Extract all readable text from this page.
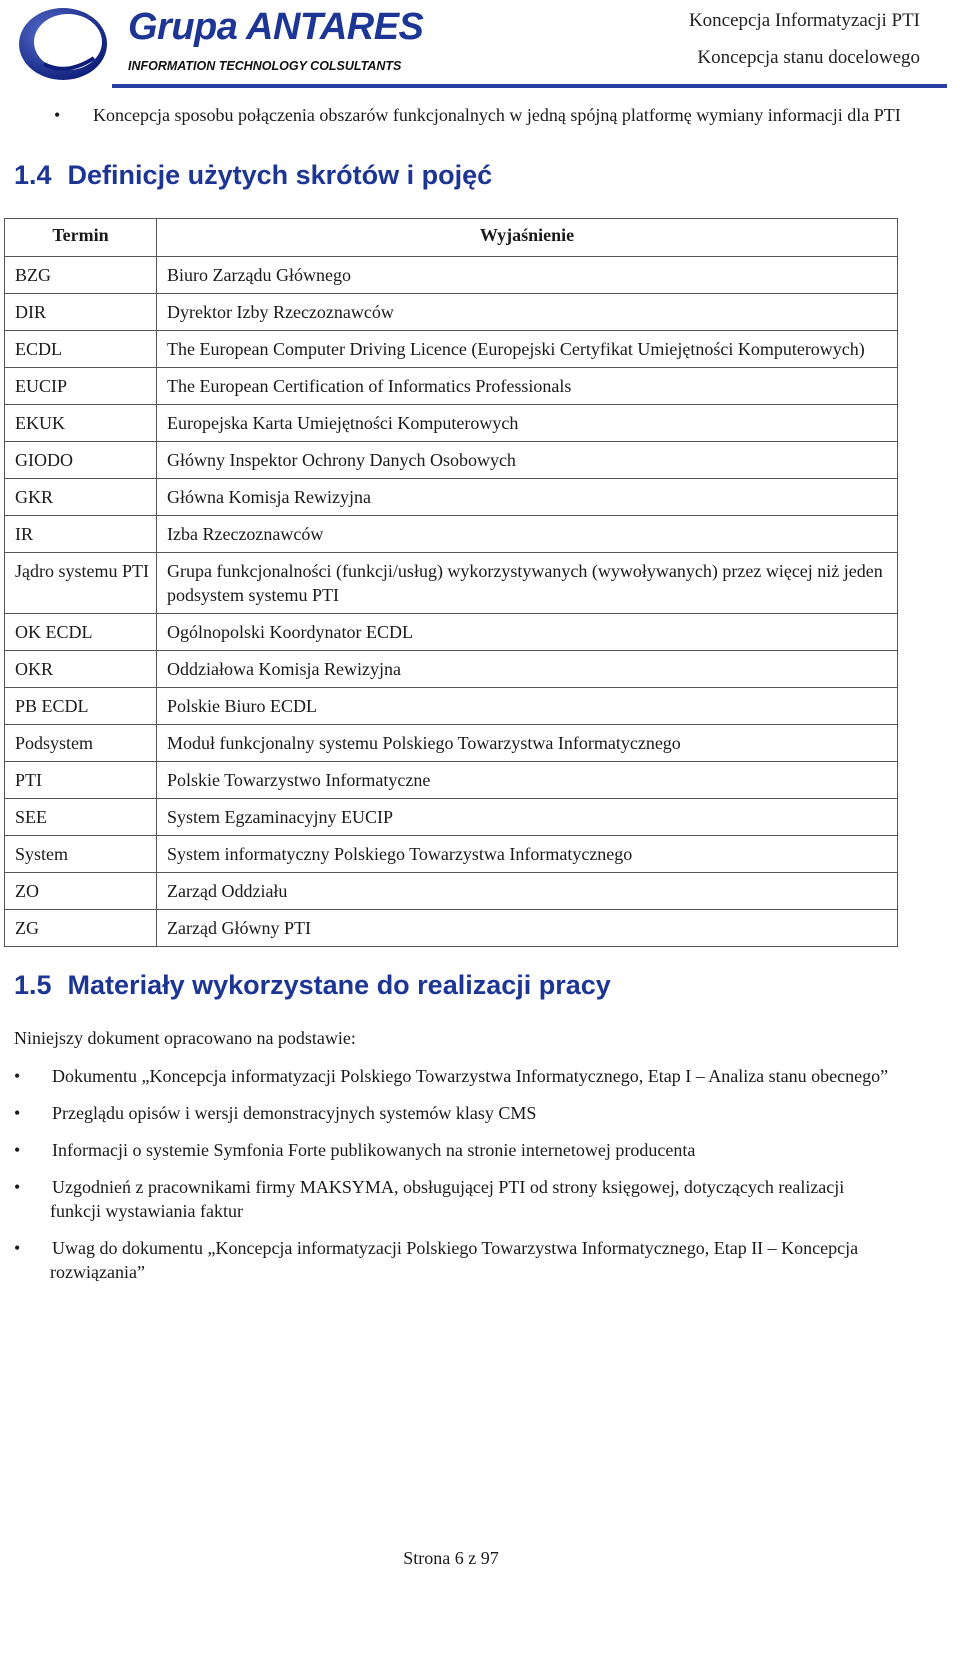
Grupa ANTARES
INFORMATION TECHNOLOGY COLSULTANTS
Koncepcja Informatyzacji PTI
Koncepcja stanu docelowego
• Koncepcja sposobu połączenia obszarów funkcjonalnych w jedną spójną platformę wymiany informacji dla PTI
1.4 Definicje użytych skrótów i pojęć
Termin	Wyjaśnienie
BZG	Biuro Zarządu Głównego
DIR	Dyrektor Izby Rzeczoznawców
ECDL	The European Computer Driving Licence (Europejski Certyfikat Umiejętności Komputerowych)
EUCIP	The European Certification of Informatics Professionals
EKUK	Europejska Karta Umiejętności Komputerowych
GIODO	Główny Inspektor Ochrony Danych Osobowych
GKR	Główna Komisja Rewizyjna
IR	Izba Rzeczoznawców
Jądro systemu PTI	Grupa funkcjonalności (funkcji/usług) wykorzystywanych (wywoływanych) przez więcej niż jeden podsystem systemu PTI
OK ECDL	Ogólnopolski Koordynator ECDL
OKR	Oddziałowa Komisja Rewizyjna
PB ECDL	Polskie Biuro ECDL
Podsystem	Moduł funkcjonalny systemu Polskiego Towarzystwa Informatycznego
PTI	Polskie Towarzystwo Informatyczne
SEE	System Egzaminacyjny EUCIP
System	System informatyczny Polskiego Towarzystwa Informatycznego
ZO	Zarząd Oddziału
ZG	Zarząd Główny PTI
1.5 Materiały wykorzystane do realizacji pracy
Niniejszy dokument opracowano na podstawie:
•	Dokumentu „Koncepcja informatyzacji Polskiego Towarzystwa Informatycznego, Etap I – Analiza stanu obecnego”
•	Przeglądu opisów i wersji demonstracyjnych systemów klasy CMS
•	Informacji o systemie Symfonia Forte publikowanych na stronie internetowej producenta
•	Uzgodnień z pracownikami firmy MAKSYMA, obsługującej PTI od strony księgowej, dotyczących realizacji funkcji wystawiania faktur
•	Uwag do dokumentu „Koncepcja informatyzacji Polskiego Towarzystwa Informatycznego, Etap II – Koncepcja rozwiązania”
Strona 6 z 97
